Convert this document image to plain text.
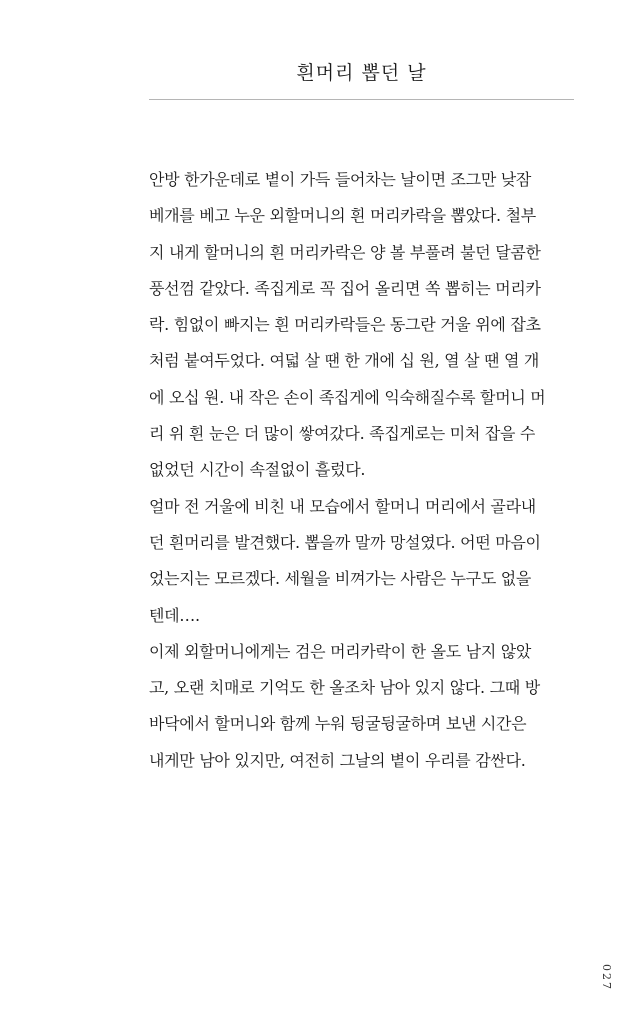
흰머리 뽑던 날
안방 한가운데로 볕이 가득 들어차는 날이면 조그만 낮잠
베개를 베고 누운 외할머니의 흰 머리카락을 뽑았다. 철부
지 내게 할머니의 흰 머리카락은 양 볼 부풀려 불던 달콤한
풍선껌 같았다. 족집게로 꼭 집어 올리면 쏙 뽑히는 머리카
락. 힘없이 빠지는 흰 머리카락들은 동그란 거울 위에 잡초
처럼 붙여두었다. 여덟 살 땐 한 개에 십 원, 열 살 땐 열 개
에 오십 원. 내 작은 손이 족집게에 익숙해질수록 할머니 머
리 위 흰 눈은 더 많이 쌓여갔다. 족집게로는 미처 잡을 수
없었던 시간이 속절없이 흘렀다.
얼마 전 거울에 비친 내 모습에서 할머니 머리에서 골라내
던 흰머리를 발견했다. 뽑을까 말까 망설였다. 어떤 마음이
었는지는 모르겠다. 세월을 비껴가는 사람은 누구도 없을
텐데….
이제 외할머니에게는 검은 머리카락이 한 올도 남지 않았
고, 오랜 치매로 기억도 한 올조차 남아 있지 않다. 그때 방
바닥에서 할머니와 함께 누워 뒹굴뒹굴하며 보낸 시간은
내게만 남아 있지만, 여전히 그날의 볕이 우리를 감싼다.
027
